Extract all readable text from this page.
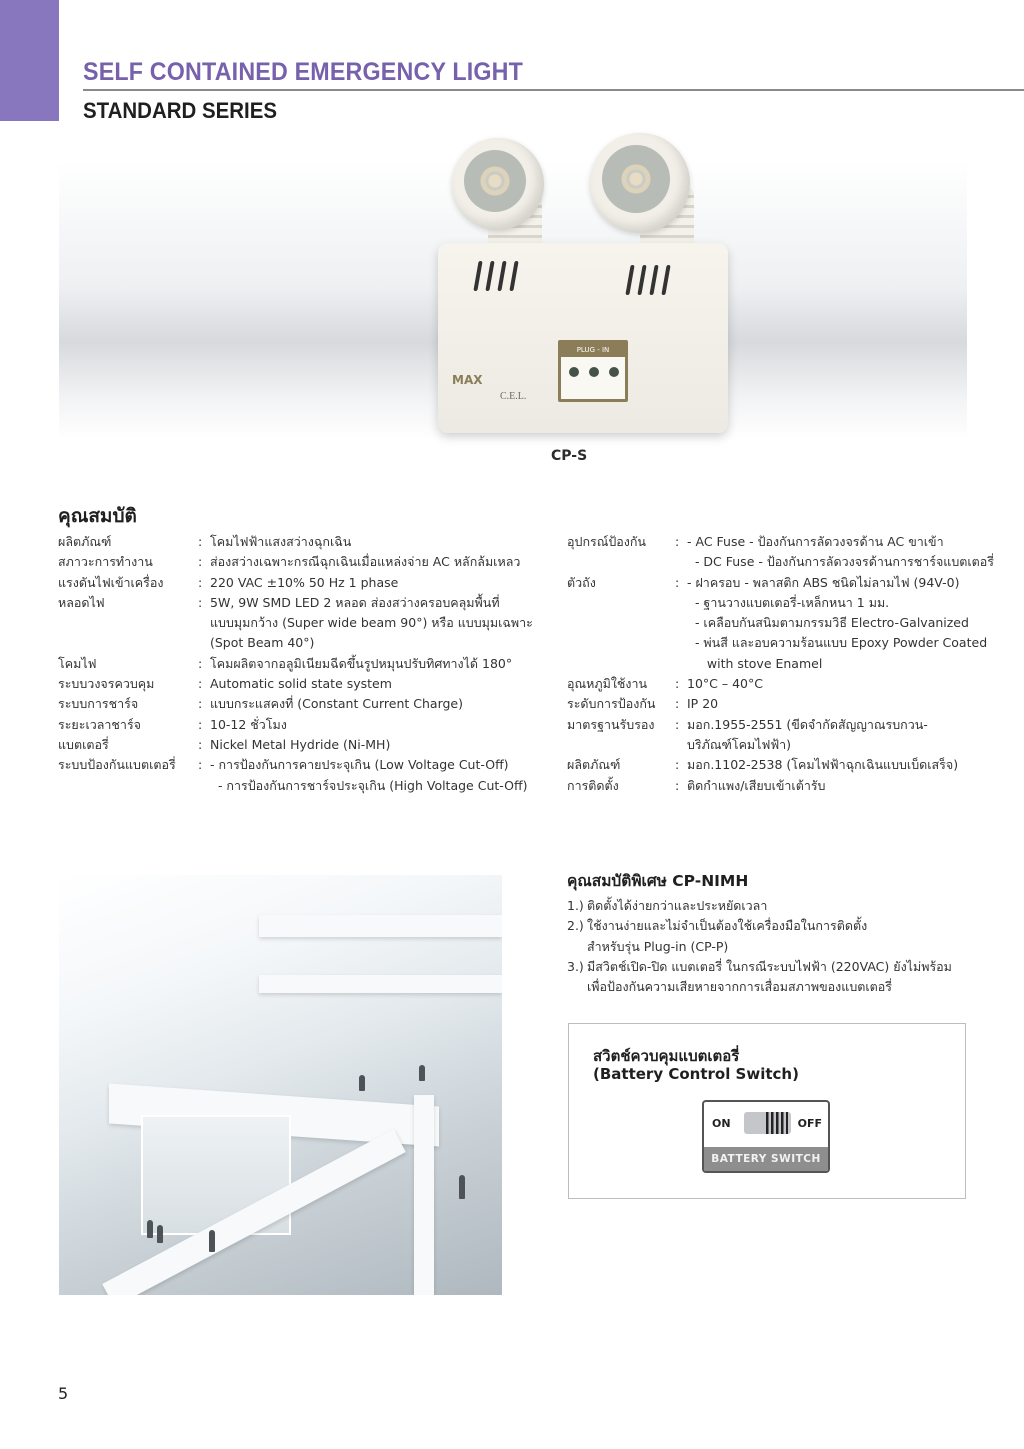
SELF CONTAINED EMERGENCY LIGHT
STANDARD SERIES
PLUG - IN
MAX
C.E.L.
CP-S
คุณสมบัติ
ผลิตภัณฑ์	: โคมไฟฟ้าแสงสว่างฉุกเฉิน
สภาวะการทำงาน	: ส่องสว่างเฉพาะกรณีฉุกเฉินเมื่อแหล่งจ่าย AC หลักล้มเหลว
แรงดันไฟเข้าเครื่อง	: 220 VAC ±10% 50 Hz 1 phase
หลอดไฟ	: 5W, 9W SMD LED 2 หลอด ส่องสว่างครอบคลุมพื้นที่
แบบมุมกว้าง (Super wide beam 90°) หรือ แบบมุมเฉพาะ
(Spot Beam 40°)
โคมไฟ	: โคมผลิตจากอลูมิเนียมฉีดขึ้นรูปหมุนปรับทิศทางได้ 180°
ระบบวงจรควบคุม	: Automatic solid state system
ระบบการชาร์จ	: แบบกระแสคงที่ (Constant Current Charge)
ระยะเวลาชาร์จ	: 10-12 ชั่วโมง
แบตเตอรี่	: Nickel Metal Hydride (Ni-MH)
ระบบป้องกันแบตเตอรี่	: - การป้องกันการคายประจุเกิน (Low Voltage Cut-Off)
- การป้องกันการชาร์จประจุเกิน (High Voltage Cut-Off)
อุปกรณ์ป้องกัน	: - AC Fuse - ป้องกันการลัดวงจรด้าน AC ขาเข้า
- DC Fuse - ป้องกันการลัดวงจรด้านการชาร์จแบตเตอรี่
ตัวถัง	: - ฝาครอบ - พลาสติก ABS ชนิดไม่ลามไฟ (94V-0)
- ฐานวางแบตเตอรี่-เหล็กหนา 1 มม.
- เคลือบกันสนิมตามกรรมวิธี Electro-Galvanized
- พ่นสี และอบความร้อนแบบ Epoxy Powder Coated
with stove Enamel
อุณหภูมิใช้งาน	: 10°C – 40°C
ระดับการป้องกัน	: IP 20
มาตรฐานรับรอง	: มอก.1955-2551 (ขีดจำกัดสัญญาณรบกวน-
บริภัณฑ์โคมไฟฟ้า)
ผลิตภัณฑ์	: มอก.1102-2538 (โคมไฟฟ้าฉุกเฉินแบบเบ็ดเสร็จ)
การติดตั้ง	: ติดกำแพง/เสียบเข้าเต้ารับ
คุณสมบัติพิเศษ CP-NIMH
1.) ติดตั้งได้ง่ายกว่าและประหยัดเวลา
2.) ใช้งานง่ายและไม่จำเป็นต้องใช้เครื่องมือในการติดตั้ง
สำหรับรุ่น Plug-in (CP-P)
3.) มีสวิตช์เปิด-ปิด แบตเตอรี่ ในกรณีระบบไฟฟ้า (220VAC) ยังไม่พร้อม
เพื่อป้องกันความเสียหายจากการเสื่อมสภาพของแบตเตอรี่
สวิตช์ควบคุมแบตเตอรี่
(Battery Control Switch)
ON	OFF
BATTERY SWITCH
5
